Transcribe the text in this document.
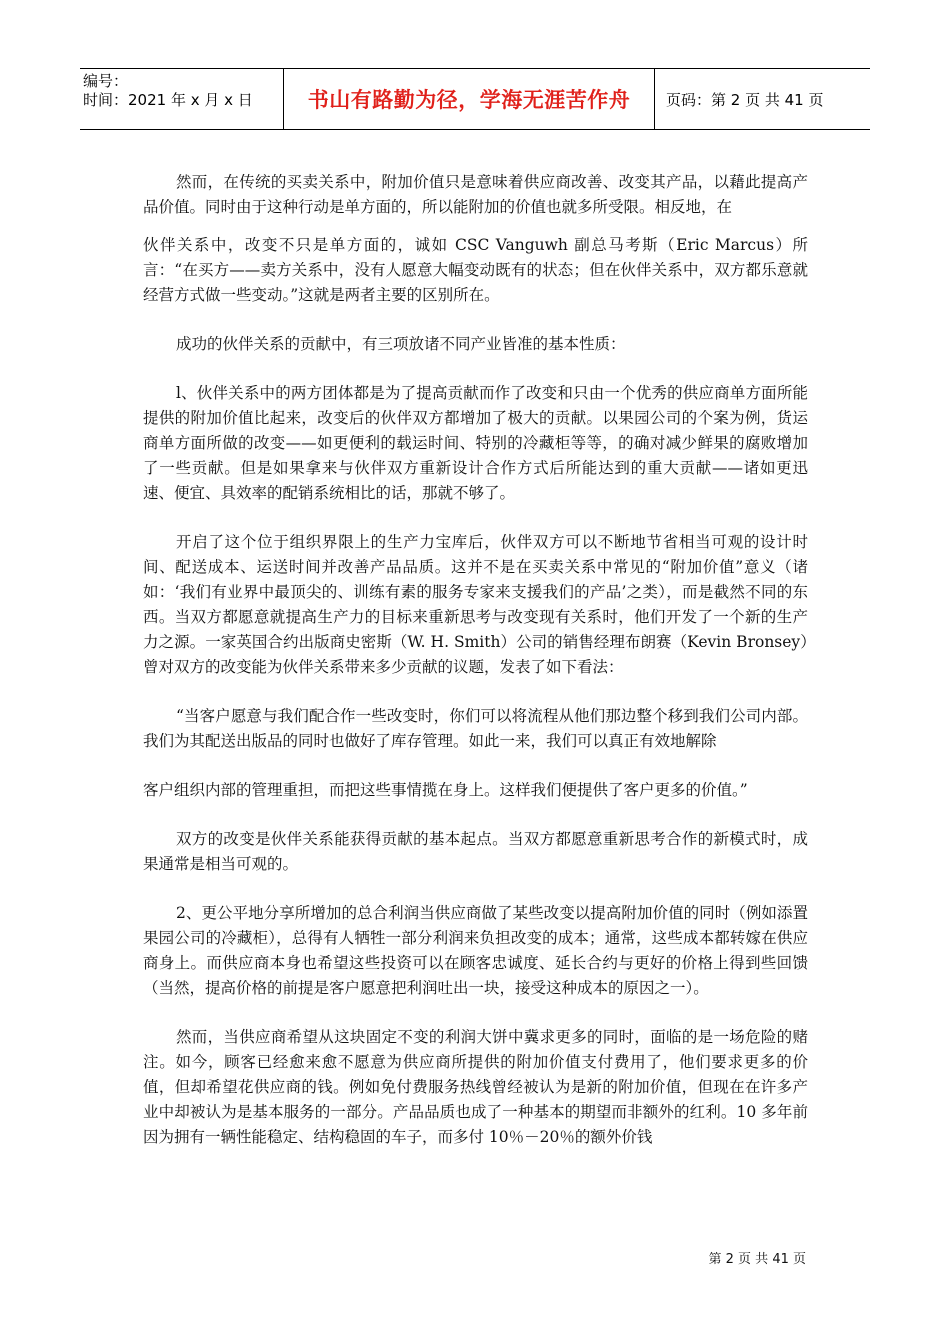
编号：
时间：2021 年 x 月 x 日	书山有路勤为径，学海无涯苦作舟	页码：第 2 页 共 41 页

然而，在传统的买卖关系中，附加价值只是意味着供应商改善、改变其产品，以藉此提高产品价值。同时由于这种行动是单方面的，所以能附加的价值也就多所受限。相反地，在

伙伴关系中，改变不只是单方面的，诚如 CSC Vanguwh 副总马考斯（Eric Marcus）所言：“在买方——卖方关系中，没有人愿意大幅变动既有的状态；但在伙伴关系中，双方都乐意就经营方式做一些变动。”这就是两者主要的区别所在。

成功的伙伴关系的贡献中，有三项放诸不同产业皆准的基本性质：

l、伙伴关系中的两方团体都是为了提高贡献而作了改变和只由一个优秀的供应商单方面所能提供的附加价值比起来，改变后的伙伴双方都增加了极大的贡献。以果园公司的个案为例，货运商单方面所做的改变——如更便利的载运时间、特别的冷藏柜等等，的确对减少鲜果的腐败增加了一些贡献。但是如果拿来与伙伴双方重新设计合作方式后所能达到的重大贡献——诸如更迅速、便宜、具效率的配销系统相比的话，那就不够了。

开启了这个位于组织界限上的生产力宝库后，伙伴双方可以不断地节省相当可观的设计时间、配送成本、运送时间并改善产品品质。这并不是在买卖关系中常见的“附加价值”意义（诸如：‘我们有业界中最顶尖的、训练有素的服务专家来支援我们的产品’之类），而是截然不同的东西。当双方都愿意就提高生产力的目标来重新思考与改变现有关系时，他们开发了一个新的生产力之源。一家英国合约出版商史密斯（W. H. Smith）公司的销售经理布朗赛（Kevin Bronsey）曾对双方的改变能为伙伴关系带来多少贡献的议题，发表了如下看法：

“当客户愿意与我们配合作一些改变时，你们可以将流程从他们那边整个移到我们公司内部。我们为其配送出版品的同时也做好了库存管理。如此一来，我们可以真正有效地解除

客户组织内部的管理重担，而把这些事情揽在身上。这样我们便提供了客户更多的价值。”

双方的改变是伙伴关系能获得贡献的基本起点。当双方都愿意重新思考合作的新模式时，成果通常是相当可观的。

2、更公平地分享所增加的总合利润当供应商做了某些改变以提高附加价值的同时（例如添置果园公司的冷藏柜），总得有人牺牲一部分利润来负担改变的成本；通常，这些成本都转嫁在供应商身上。而供应商本身也希望这些投资可以在顾客忠诚度、延长合约与更好的价格上得到些回馈（当然，提高价格的前提是客户愿意把利润吐出一块，接受这种成本的原因之一）。

然而，当供应商希望从这块固定不变的利润大饼中冀求更多的同时，面临的是一场危险的赌注。如今，顾客已经愈来愈不愿意为供应商所提供的附加价值支付费用了，他们要求更多的价值，但却希望花供应商的钱。例如免付费服务热线曾经被认为是新的附加价值，但现在在许多产业中却被认为是基本服务的一部分。产品品质也成了一种基本的期望而非额外的红利。10 多年前因为拥有一辆性能稳定、结构稳固的车子，而多付 10％－20％的额外价钱

第 2 页 共 41 页
